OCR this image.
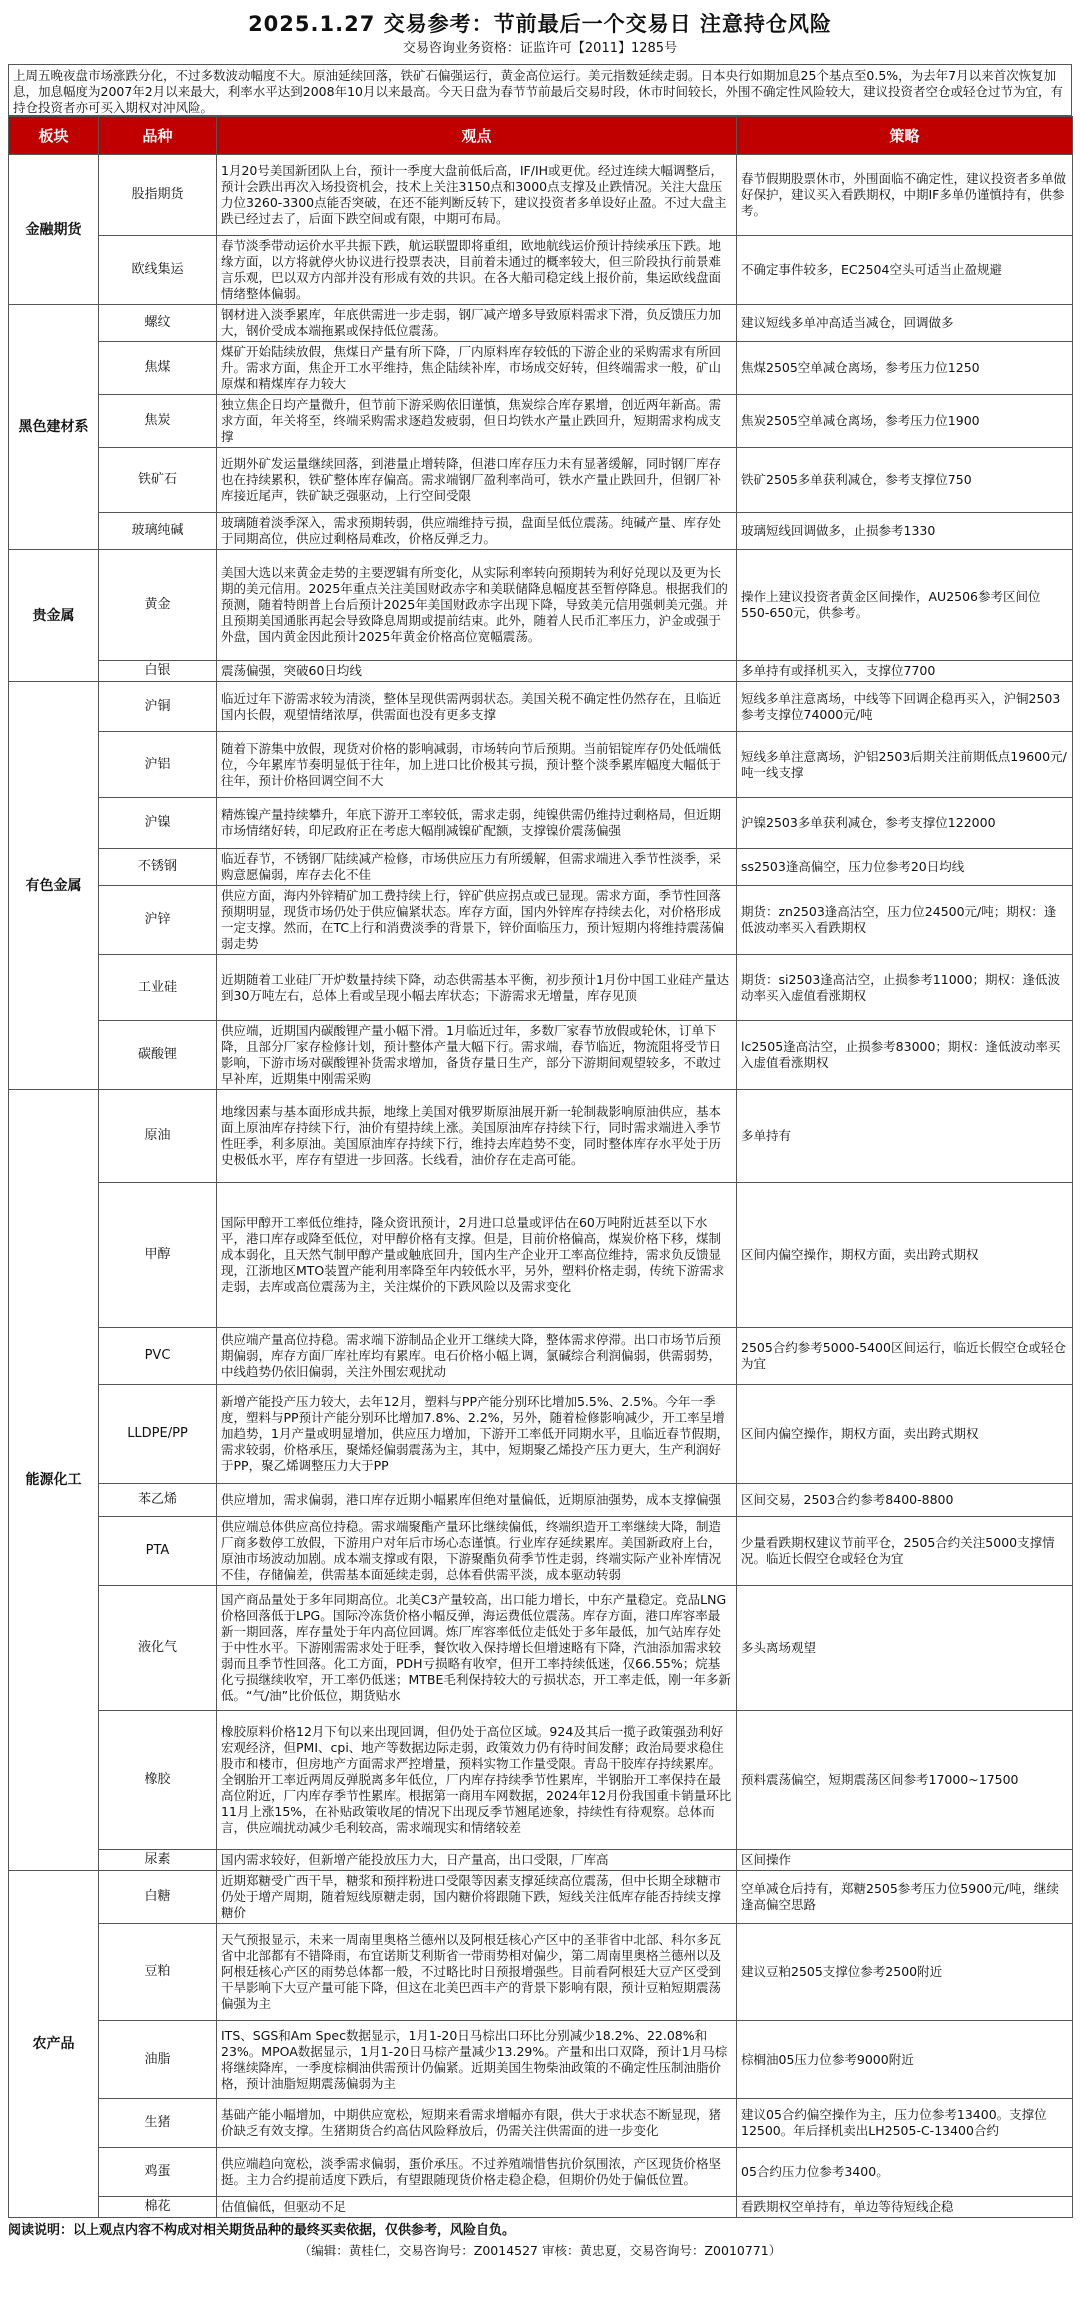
2025.1.27 交易参考：节前最后一个交易日 注意持仓风险
交易咨询业务资格：证监许可【2011】1285号
上周五晚夜盘市场涨跌分化，不过多数波动幅度不大。原油延续回落，铁矿石偏强运行，黄金高位运行。美元指数延续走弱。日本央行如期加息25个基点至0.5%，为去年7月以来首次恢复加息，加息幅度为2007年2月以来最大，利率水平达到2008年10月以来最高。今天日盘为春节节前最后交易时段，休市时间较长，外围不确定性风险较大，建议投资者空仓或轻仓过节为宜，有持仓投资者亦可买入期权对冲风险。
板块	品种	观点	策略
金融期货	股指期货	1月20号美国新团队上台，预计一季度大盘前低后高，IF/IH或更优。经过连续大幅调整后，预计会跌出再次入场投资机会，技术上关注3150点和3000点支撑及止跌情况。关注大盘压力位3260-3300点能否突破，在还不能判断反转下，建议投资者多单设好止盈。不过大盘主跌已经过去了，后面下跌空间或有限，中期可布局。	春节假期股票休市，外围面临不确定性，建议投资者多单做好保护，建议买入看跌期权，中期IF多单仍谨慎持有，供参考。
	欧线集运	春节淡季带动运价水平共振下跌，航运联盟即将重组，欧地航线运价预计持续承压下跌。地缘方面，以方将就停火协议进行投票表决，目前着未通过的概率较大，但三阶段执行前景难言乐观，巴以双方内部并没有形成有效的共识。在各大船司稳定线上报价前，集运欧线盘面情绪整体偏弱。	不确定事件较多，EC2504空头可适当止盈规避
黑色建材系	螺纹	钢材进入淡季累库，年底供需进一步走弱，钢厂减产增多导致原料需求下滑，负反馈压力加大，钢价受成本端拖累或保持低位震荡。	建议短线多单冲高适当减仓，回调做多
	焦煤	煤矿开始陆续放假，焦煤日产量有所下降，厂内原料库存较低的下游企业的采购需求有所回升。需求方面，焦企开工水平维持，焦企陆续补库，市场成交好转，但终端需求一般，矿山原煤和精煤库存力较大	焦煤2505空单减仓离场，参考压力位1250
	焦炭	独立焦企日均产量微升，但节前下游采购依旧谨慎，焦炭综合库存累增，创近两年新高。需求方面，年关将至，终端采购需求逐趋发疲弱，但日均铁水产量止跌回升，短期需求构成支撑	焦炭2505空单减仓离场，参考压力位1900
	铁矿石	近期外矿发运量继续回落，到港量止增转降，但港口库存压力未有显著缓解，同时钢厂库存也在持续累积，铁矿整体库存偏高。需求端钢厂盈利率尚可，铁水产量止跌回升，但钢厂补库接近尾声，铁矿缺乏强驱动，上行空间受限	铁矿2505多单获利减仓，参考支撑位750
	玻璃纯碱	玻璃随着淡季深入，需求预期转弱，供应端维持亏损，盘面呈低位震荡。纯碱产量、库存处于同期高位，供应过剩格局难改，价格反弹乏力。	玻璃短线回调做多，止损参考1330
贵金属	黄金	美国大选以来黄金走势的主要逻辑有所变化，从实际利率转向预期转为利好兑现以及更为长期的美元信用。2025年重点关注美国财政赤字和美联储降息幅度甚至暂停降息。根据我们的预测，随着特朗普上台后预计2025年美国财政赤字出现下降，导致美元信用强刺美元强。并且预期美国通胀再起会导致降息周期或提前结束。此外，随着人民币汇率压力，沪金或强于外盘，国内黄金因此预计2025年黄金价格高位宽幅震荡。	操作上建议投资者黄金区间操作，AU2506参考区间位550-650元，供参考。
	白银	震荡偏强，突破60日均线	多单持有或择机买入，支撑位7700
有色金属	沪铜	临近过年下游需求较为清淡，整体呈现供需两弱状态。美国关税不确定性仍然存在，且临近国内长假，观望情绪浓厚，供需面也没有更多支撑	短线多单注意离场，中线等下回调企稳再买入，沪铜2503参考支撑位74000元/吨
	沪铝	随着下游集中放假，现货对价格的影响减弱，市场转向节后预期。当前铝锭库存仍处低端低位，今年累库节奏明显低于往年，加上进口比价极其亏损，预计整个淡季累库幅度大幅低于往年，预计价格回调空间不大	短线多单注意离场，沪铝2503后期关注前期低点19600元/吨一线支撑
	沪镍	精炼镍产量持续攀升，年底下游开工率较低，需求走弱，纯镍供需仍维持过剩格局，但近期市场情绪好转，印尼政府正在考虑大幅削减镍矿配额，支撑镍价震荡偏强	沪镍2503多单获利减仓，参考支撑位122000
	不锈钢	临近春节，不锈钢厂陆续减产检修，市场供应压力有所缓解，但需求端进入季节性淡季，采购意愿偏弱，库存去化不佳	ss2503逢高偏空，压力位参考20日均线
	沪锌	供应方面，海内外锌精矿加工费持续上行，锌矿供应拐点或已显现。需求方面，季节性回落预期明显，现货市场仍处于供应偏紧状态。库存方面，国内外锌库存持续去化，对价格形成一定支撑。然而，在TC上行和消费淡季的背景下，锌价面临压力，预计短期内将维持震荡偏弱走势	期货：zn2503逢高沽空，压力位24500元/吨；期权：逢低波动率买入看跌期权
	工业硅	近期随着工业硅厂开炉数量持续下降，动态供需基本平衡，初步预计1月份中国工业硅产量达到30万吨左右，总体上看或呈现小幅去库状态；下游需求无增量，库存见顶	期货：si2503逢高沽空，止损参考11000；期权：逢低波动率买入虚值看涨期权
	碳酸锂	供应端，近期国内碳酸锂产量小幅下滑。1月临近过年，多数厂家春节放假或轮休，订单下降，且部分厂家存检修计划，预计整体产量大幅下行。需求端，春节临近，物流阻将受节日影响，下游市场对碳酸锂补货需求增加，备货存量日生产，部分下游期间观望较多，不敢过早补库，近期集中刚需采购	lc2505逢高沽空，止损参考83000；期权：逢低波动率买入虚值看涨期权
能源化工	原油	地缘因素与基本面形成共振，地缘上美国对俄罗斯原油展开新一轮制裁影响原油供应，基本面上原油库存持续下行，油价有望持续上涨。美国原油库存持续下行，同时需求端进入季节性旺季，利多原油。美国原油库存持续下行，维持去库趋势不变，同时整体库存水平处于历史极低水平，库存有望进一步回落。长线看，油价存在走高可能。	多单持有
	甲醇	国际甲醇开工率低位维持，隆众资讯预计，2月进口总量或评估在60万吨附近甚至以下水平，港口库存或降至低位，对甲醇价格有支撑。但是，目前价格偏高，煤炭价格下移，煤制成本弱化，且天然气制甲醇产量或触底回升，国内生产企业开工率高位维持，需求负反馈显现，江浙地区MTO装置产能利用率降至年内较低水平，另外，塑料价格走弱，传统下游需求走弱，去库或高位震荡为主，关注煤价的下跌风险以及需求变化	区间内偏空操作，期权方面，卖出跨式期权
	PVC	供应端产量高位持稳。需求端下游制品企业开工继续大降，整体需求停滞。出口市场节后预期偏弱，库存方面厂库社库均有累库。电石价格小幅上调，氯碱综合利润偏弱，供需弱势，中线趋势仍依旧偏弱，关注外围宏观扰动	2505合约参考5000-5400区间运行，临近长假空仓或轻仓为宜
	LLDPE/PP	新增产能投产压力较大，去年12月，塑料与PP产能分别环比增加5.5%、2.5%。今年一季度，塑料与PP预计产能分别环比增加7.8%、2.2%，另外，随着检修影响减少，开工率呈增加趋势，1月产量或明显增加，供应压力增加，下游开工率低开同期水平，且临近春节假期，需求较弱，价格承压，聚烯烃偏弱震荡为主，其中，短期聚乙烯投产压力更大，生产利润好于PP，聚乙烯调整压力大于PP	区间内偏空操作，期权方面，卖出跨式期权
	苯乙烯	供应增加，需求偏弱，港口库存近期小幅累库但绝对量偏低，近期原油强势，成本支撑偏强	区间交易，2503合约参考8400-8800
	PTA	供应端总体供应高位持稳。需求端聚酯产量环比继续偏低，终端织造开工率继续大降，制造厂商多数停工放假，下游用户对年后市场心态谨慎。行业库存延续累库。美国新政府上台，原油市场波动加剧。成本端支撑或有限，下游聚酯负荷季节性走弱，终端实际产业补库情况不佳，存储偏差，供需基本面延续走弱，总体看供需平淡，成本驱动转弱	少量看跌期权建议节前平仓，2505合约关注5000支撑情况。临近长假空仓或轻仓为宜
	液化气	国产商品量处于多年同期高位。北美C3产量较高，出口能力增长，中东产量稳定。竞品LNG价格回落低于LPG。国际冷冻货价格小幅反弹，海运费低位震荡。库存方面，港口库容率最新一期回落，库存量处于年内高位回调。炼厂库容率低位走低处于多年最低，加气站库存处于中性水平。下游刚需需求处于旺季，餐饮收入保持增长但增速略有下降，汽油添加需求较弱而且季节性回落。化工方面，PDH亏损略有收窄，但开工率持续低迷，仅66.55%；烷基化亏损继续收窄，开工率仍低迷；MTBE毛利保持较大的亏损状态，开工率走低，刚一年多新低。“气/油”比价低位，期货贴水	多头离场观望
	橡胶	橡胶原料价格12月下旬以来出现回调，但仍处于高位区域。924及其后一揽子政策强劲利好宏观经济，但PMI、cpi、地产等数据边际走弱，政策效力仍有待时间发酵；政治局要求稳住股市和楼市，但房地产方面需求严控增量，预料实物工作量受限。青岛干胶库存持续累库。全钢胎开工率近两周反弹脱离多年低位，厂内库存持续季节性累库，半钢胎开工率保持在最高位附近，厂内库存季节性累库。根据第一商用车网数据，2024年12月份我国重卡销量环比11月上涨15%，在补贴政策收尾的情况下出现反季节翘尾迹象，持续性有待观察。总体而言，供应端扰动减少毛利较高，需求端现实和情绪较差	预料震荡偏空，短期震荡区间参考17000~17500
	尿素	国内需求较好，但新增产能投放压力大，日产量高，出口受限，厂库高	区间操作
农产品	白糖	近期郑糖受广西干旱，糖浆和预拌粉进口受限等因素支撑延续高位震荡，但中长期全球糖市仍处于增产周期，随着短线原糖走弱，国内糖价将跟随下跌，短线关注低库存能否持续支撑糖价	空单减仓后持有，郑糖2505参考压力位5900元/吨，继续逢高偏空思路
	豆粕	天气预报显示，未来一周南里奥格兰德州以及阿根廷核心产区中的圣菲省中北部、科尔多瓦省中北部都有不错降雨，布宜诺斯艾利斯省一带雨势相对偏少，第二周南里奥格兰德州以及阿根廷核心产区的雨势总体都一般，不过略比时日预报增强些。目前看阿根廷大豆产区受到干旱影响下大豆产量可能下降，但这在北美巴西丰产的背景下影响有限，预计豆粕短期震荡偏强为主	建议豆粕2505支撑位参考2500附近
	油脂	ITS、SGS和Am Spec数据显示，1月1-20日马棕出口环比分别减少18.2%、22.08%和23%。MPOA数据显示，1月1-20日马棕产量减少13.29%。产量和出口双降，预计1月马棕将继续降库，一季度棕榈油供需预计仍偏紧。近期美国生物柴油政策的不确定性压制油脂价格，预计油脂短期震荡偏弱为主	棕榈油05压力位参考9000附近
	生猪	基础产能小幅增加，中期供应宽松，短期来看需求增幅亦有限，供大于求状态不断显现，猪价缺乏有效支撑。生猪期货合约高估风险释放后，仍需关注供需面的进一步变化	建议05合约偏空操作为主，压力位参考13400。支撑位12500。年后择机卖出LH2505-C-13400合约
	鸡蛋	供应端趋向宽松，淡季需求偏弱，蛋价承压。不过养殖端惜售抗价氛围浓，产区现货价格坚挺。主力合约提前适度下跌后，有望跟随现货价格走稳企稳，但期价仍处于偏低位置。	05合约压力位参考3400。
	棉花	估值偏低，但驱动不足	看跌期权空单持有，单边等待短线企稳
阅读说明：以上观点内容不构成对相关期货品种的最终买卖依据，仅供参考，风险自负。
（编辑：黄桂仁，交易咨询号：Z0014527 审核：黄忠夏，交易咨询号：Z0010771）
